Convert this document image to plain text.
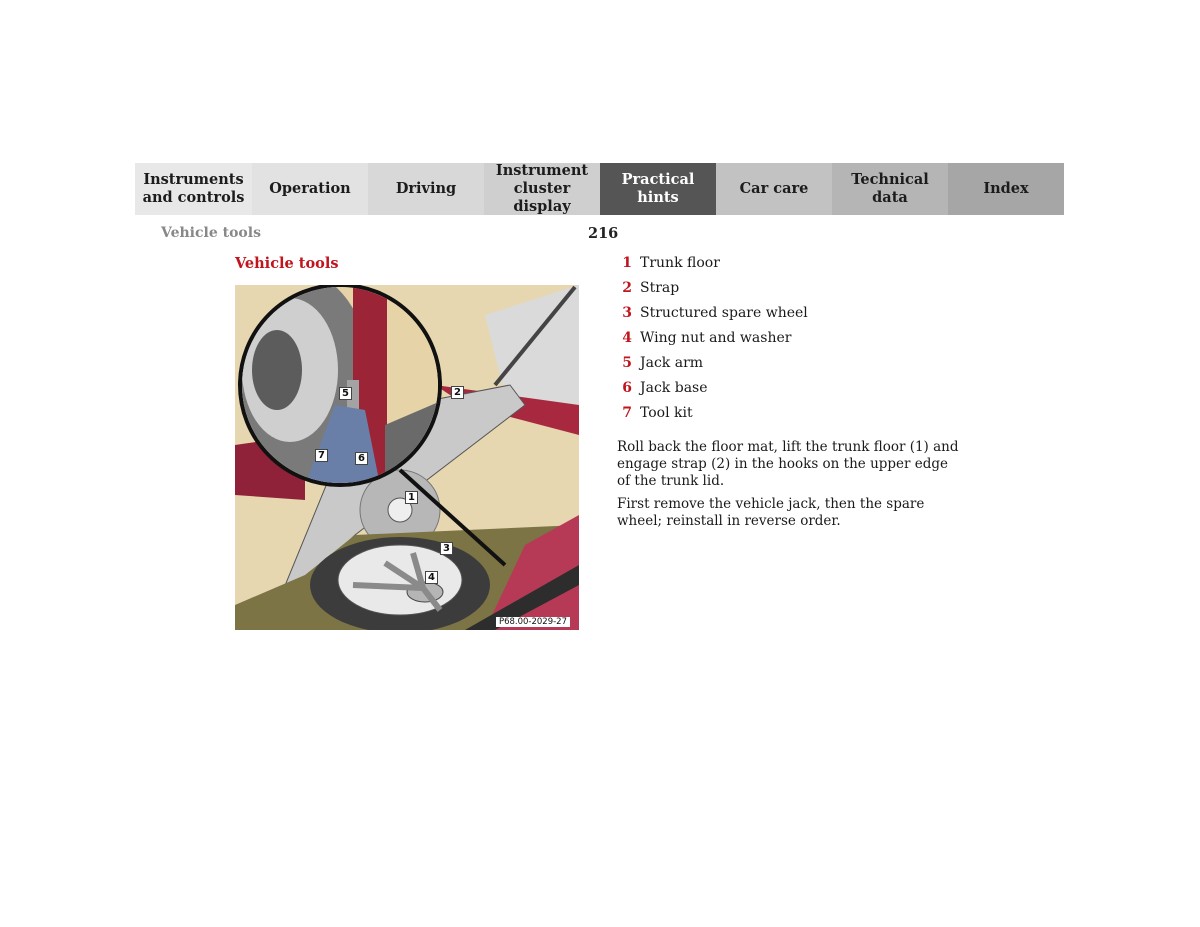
Instruments
and controls
Operation	Driving
Instrument
cluster display
Practical hints
Car care
Technical
data
Index
Vehicle tools	216
Vehicle tools
5	2
7	6
1
3
4
P68.00-2029-27
1 Trunk floor
2 Strap
3 Structured spare wheel
4 Wing nut and washer
5 Jack arm
6 Jack base
7 Tool kit

Roll back the floor mat, lift the trunk floor (1) and engage strap (2) in the hooks on the upper edge of the trunk lid.

First remove the vehicle jack, then the spare wheel; reinstall in reverse order.
